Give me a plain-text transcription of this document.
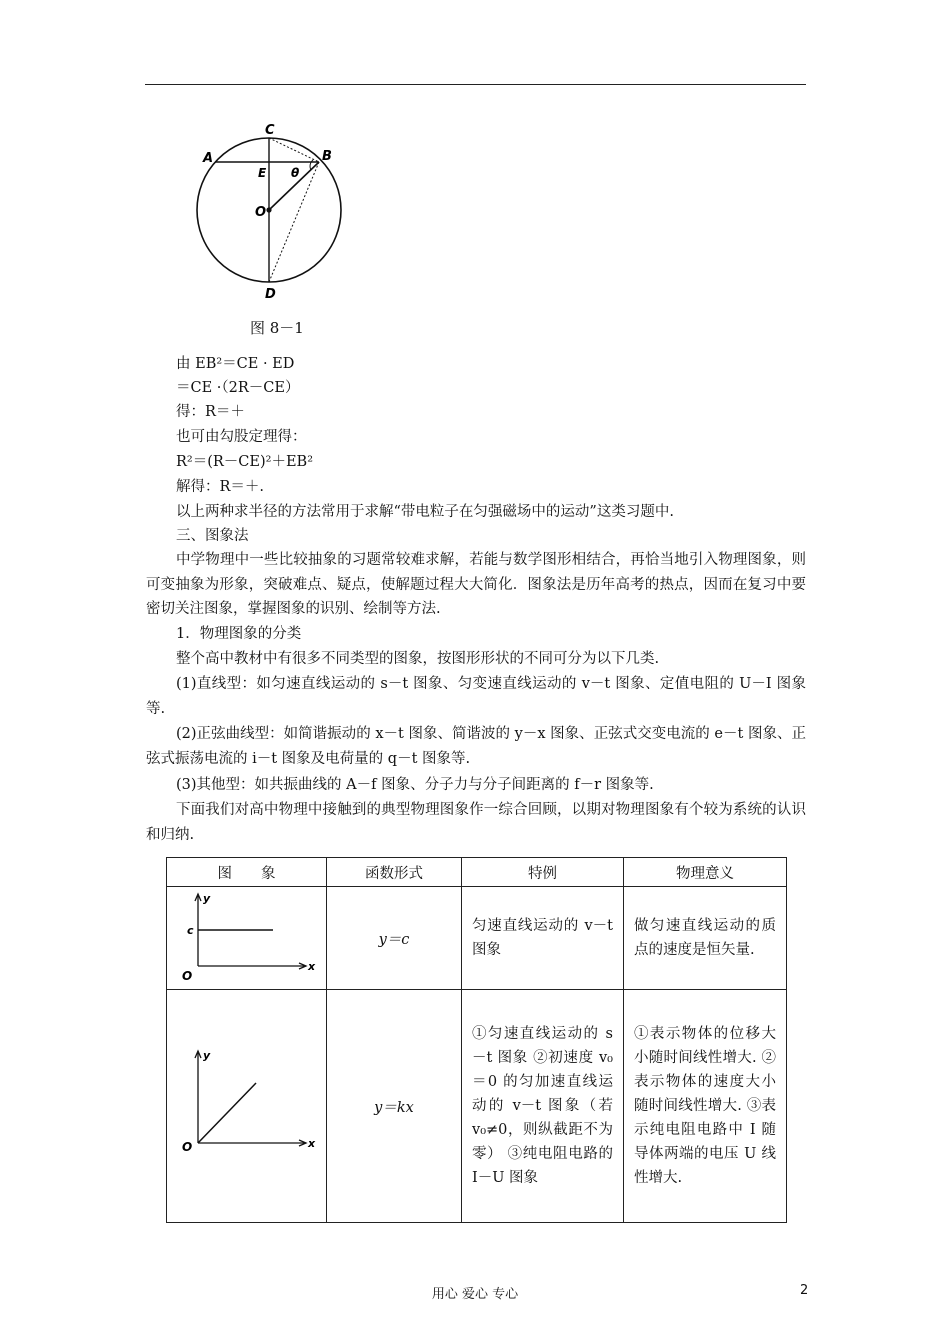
C
A	B
E θ
O
D
图 8－1
由 EB²＝CE · ED
＝CE ·（2R－CE）
得：R＝＋
也可由勾股定理得：
R²＝(R－CE)²＋EB²
解得：R＝＋.
以上两种求半径的方法常用于求解“带电粒子在匀强磁场中的运动”这类习题中.
三、图象法
中学物理中一些比较抽象的习题常较难求解，若能与数学图形相结合，再恰当地引入物理图象，则可变抽象为形象，突破难点、疑点，使解题过程大大简化．图象法是历年高考的热点，因而在复习中要密切关注图象，掌握图象的识别、绘制等方法.
1．物理图象的分类
整个高中教材中有很多不同类型的图象，按图形形状的不同可分为以下几类.
(1)直线型：如匀速直线运动的 s－t 图象、匀变速直线运动的 v－t 图象、定值电阻的 U－I 图象等.
(2)正弦曲线型：如简谐振动的 x－t 图象、简谐波的 y－x 图象、正弦式交变电流的 e－t 图象、正弦式振荡电流的 i－t 图象及电荷量的 q－t 图象等.
(3)其他型：如共振曲线的 A－f 图象、分子力与分子间距离的 f－r 图象等.
下面我们对高中物理中接触到的典型物理图象作一综合回顾，以期对物理图象有个较为系统的认识和归纳.
图　　象	函数形式	特例	物理意义

y
c
O
x	y＝c	匀速直线运动的 v－t 图象	做匀速直线运动的质点的速度是恒矢量.

y
O x	y＝kx	①匀速直线运动的 s－t 图象 ②初速度 v₀＝0 的匀加速直线运动的 v－t 图象（若 v₀≠0，则纵截距不为零） ③纯电阻电路的 I－U 图象	①表示物体的位移大小随时间线性增大. ②表示物体的速度大小随时间线性增大. ③表示纯电阻电路中 I 随导体两端的电压 U 线性增大.
用心 爱心 专心	2
